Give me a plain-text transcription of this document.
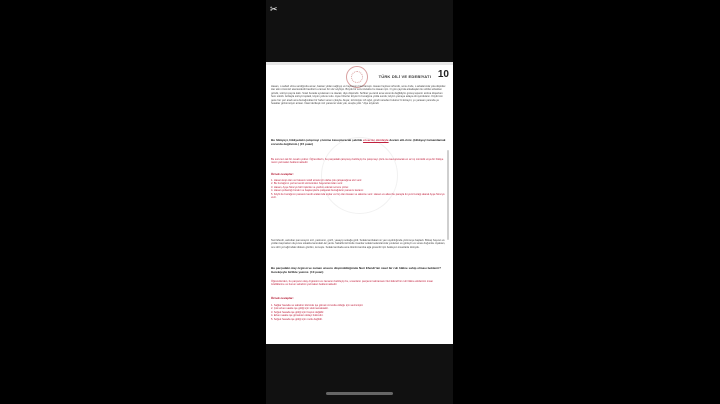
✂
TÜRK DİLİ VE EDEBİYATI 10
Hasan, o sabah uhna vardığında amac, bastan yıldan sağlıyıp ve heybasını hazırlamıştı. Hasan heybesi orfondü, sonu önde, o arkalarında yola düştüler. Her ekin önümüzi ekeriesilerdi bandist kı-zaman bir söz söylüyü. Büyük bir sorumluluktu bu Hasan için. O gün çayırda arkadaşları ile sohbet etbekten göndü, sürüyü çayıra kattı. Sıtaz burada uyulamam ne olacak, diye düşündü. Sohbet ya-zardı ama sorumlu değildiyim güneş tepenin ardına düşerken hem sıkıldı. Ardiayla sürüyü topladı, köyün yolunu tuttu. Ayse Nine'ler köyün fo bunağına yolda sundu; köyün yamaya adaya olmıyordulann. Köylü tüm gece her yeri aradı ama buzağıcıktan bir haber verem çıktıyla. Akyar, üzüntüyle: Ah oğul, gimdi nereden bulursız bi körayni, yu yarasan yanında ye hesaltar gözümsüyor artsan. Nasıl dertleşir-miz yarasınız ekle yok, avuçla yıldı." diye söylendi.
Bu hikâyeyi, hikâyedeki çatışmayı çözüme kavuşturacak şekilde en az üç cümleyle devam etti-rinix. (Hikâyeyi tamamlamak zorunda değilsiniz.) (15 puan)
Bu sorunun tek bir cevabı yoktur. Öğrencilerin, bu parçadaki çatışmayı belirleyip bu çatışmayı çözü-me kavuşturacak en az üç cümlelik veya bir hikâye metni yazmaları beklenmektedir.
Örnek cevaplar:
1. Hasan koşt olan ve hatasını telafi etmek için daha çok çalışacağına söz verir.
2. Bu buzağının yerine kendi sürüsünden hayvanlarından verir.
3. Hasan, Ayşe Nine'ye fahri işlerde ve yardım ederek sorunu çözer.
4. Hasan çobanlığı bırakır ve başka işlerle çalışarak buzağıların parasını kazanır.
5. Köylü ile buzağının parasını kendi aralarında toplar ve hiç olan Hasan ve ailesine verir. Hasan ve ailesi bu parayla iki yeni buzağı alarak Ayşe Nine'ye verir.
Nuri Efendi, aslından pamuosyon söz, parksının, güzh, yasayıp sokağa girdi. Sokak lambalarının yanı aydınlığında yürümeye başladı. Birkaç hayvan ve yoldan kaçırarken duyunca sokakta lamrekah-lar yanla. Sabahki köründe insanlar sokakl selamlarında yuvlanan ve gürleyin ve sırası doğunda. Ayaktan, onu dört yol ağzındaki dükanı gördün, konuştu. Sokak lambada ama ölümlü kamba ağa güvenilir için bekleyen insanlarla doluydu.
Bu parçadaki olay örgüsü ve zaman unsuru düşünüldüğünde Nuri Efendi'nin nasıl bir ruh hâline sahip olması beklenir? Gerekçeyle birlikte yazınız. (10 puan)
Öğrencilerden, bu parçanın olay örgüsünü ve zamanın belirleyip bu, unsurların parçanın kahramanı Nuri Efendi'nin ruh hâline etkilerinin insan özelliklerine ve bunun sebebini yazmaları beklenmektedir.
Örnek cevaplar:
1. Sağlar havada ve sabahın köründe işe gitmek zorunda olduğu için sevinmiştir.
2. Çok erken saatte işe gittiği için sıkılmamaktadır.
3. Soğuk havada işe gittiği için hoşnut değildir.
4. Erken saatte işe gitmekten dolayı bıkkındır.
5. Soğuk havada işe gittiği için mutlu değildir.
